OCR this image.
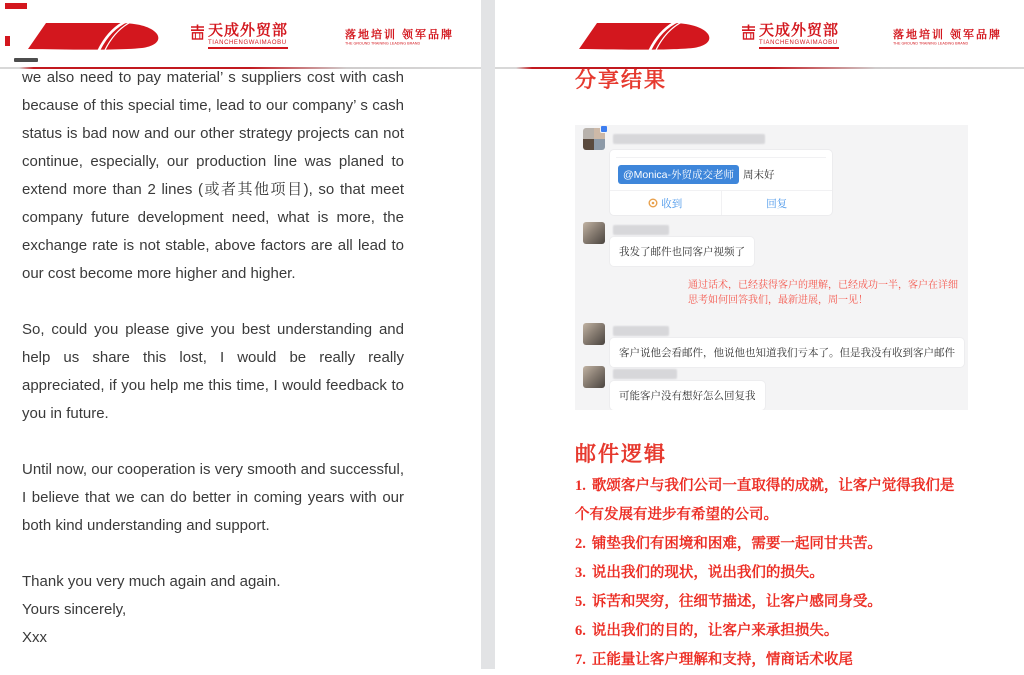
天成外贸部
TIANCHENGWAIMAOBU
落地培训 领军品牌
THE GROUND TRAINING LEADING BRAND

we also need to pay material’ s suppliers cost with cash because of this special time, lead to our company’ s cash status is bad now and our other strategy projects can not continue, especially, our production line was planed to extend more than 2 lines (或者其他项目), so that meet company future development need, what is more, the exchange rate is not stable, above factors are all lead to our cost become more higher and higher.

So, could you please give you best understanding and help us share this lost, I would be really really appreciated, if you help me this time, I would feedback to you in future.

Until now, our cooperation is very smooth and successful, I believe that we can do better in coming years with our both kind understanding and support.

Thank you very much again and again.

Yours sincerely,

Xxx

天成外贸部
TIANCHENGWAIMAOBU
落地培训 领军品牌
THE GROUND TRAINING LEADING BRAND
分享结果
@Monica-外贸成交老师 周末好
收到	回复
我发了邮件也同客户视频了
通过话术，已经获得客户的理解，已经成功一半，客户在详细思考如何回答我们，最新进展，周一见！
客户说他会看邮件，他说他也知道我们亏本了。但是我没有收到客户邮件
可能客户没有想好怎么回复我
邮件逻辑

1. 歌颂客户与我们公司一直取得的成就，让客户觉得我们是个有发展有进步有希望的公司。

2. 铺垫我们有困境和困难，需要一起同甘共苦。

3. 说出我们的现状，说出我们的损失。

5. 诉苦和哭穷，往细节描述，让客户感同身受。

6. 说出我们的目的，让客户来承担损失。

7. 正能量让客户理解和支持，情商话术收尾
